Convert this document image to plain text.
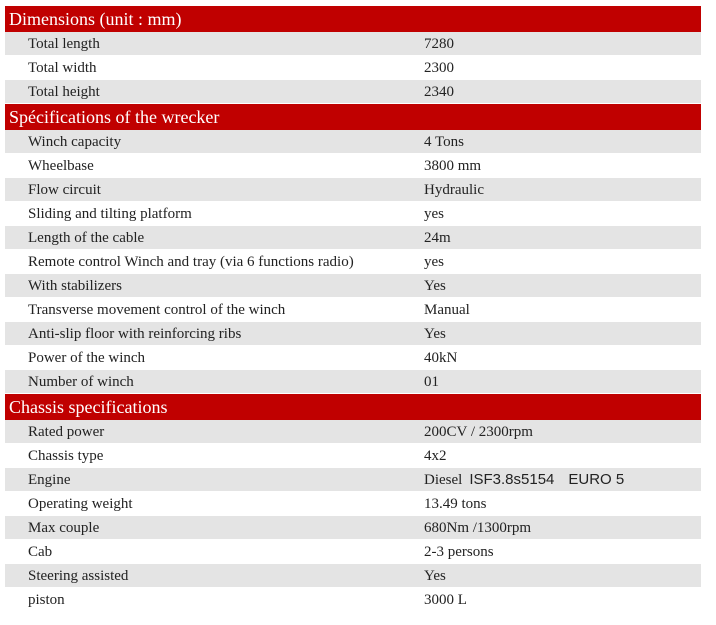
Dimensions (unit : mm)
Total length	7280
Total width	2300
Total height	2340
Spécifications of the wrecker
Winch capacity	4 Tons
Wheelbase	3800 mm
Flow circuit	Hydraulic
Sliding and tilting platform	yes
Length of the cable	24m
Remote control Winch and tray (via 6 functions radio)	yes
With stabilizers	Yes
Transverse movement control of the winch	Manual
Anti-slip floor with reinforcing ribs	Yes
Power of the winch	40kN
Number of winch	01
Chassis specifications
Rated power	200CV / 2300rpm
Chassis type	4x2
Engine	Diesel ISF3.8s5154 EURO 5
Operating weight	13.49 tons
Max couple	680Nm /1300rpm
Cab	2-3 persons
Steering assisted	Yes
piston	3000 L
